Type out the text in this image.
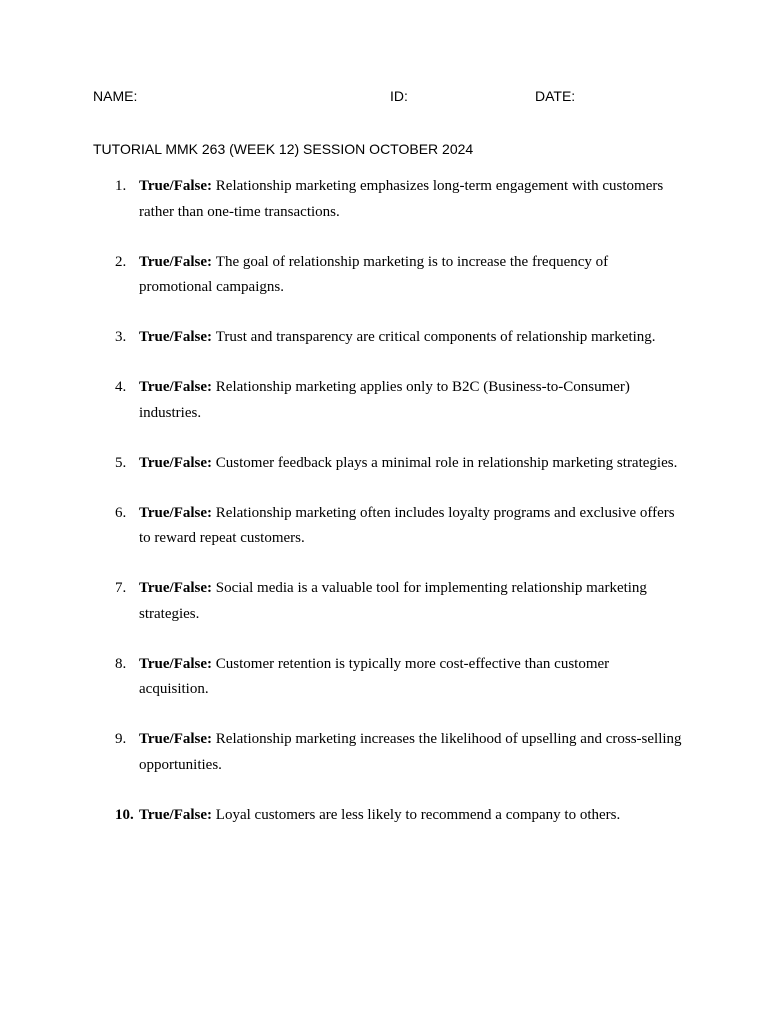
NAME:	ID:	DATE:
TUTORIAL MMK 263 (WEEK 12) SESSION OCTOBER 2024
1. True/False: Relationship marketing emphasizes long-term engagement with customers rather than one-time transactions.
2. True/False: The goal of relationship marketing is to increase the frequency of promotional campaigns.
3. True/False: Trust and transparency are critical components of relationship marketing.
4. True/False: Relationship marketing applies only to B2C (Business-to-Consumer) industries.
5. True/False: Customer feedback plays a minimal role in relationship marketing strategies.
6. True/False: Relationship marketing often includes loyalty programs and exclusive offers to reward repeat customers.
7. True/False: Social media is a valuable tool for implementing relationship marketing strategies.
8. True/False: Customer retention is typically more cost-effective than customer acquisition.
9. True/False: Relationship marketing increases the likelihood of upselling and cross-selling opportunities.
10. True/False: Loyal customers are less likely to recommend a company to others.
